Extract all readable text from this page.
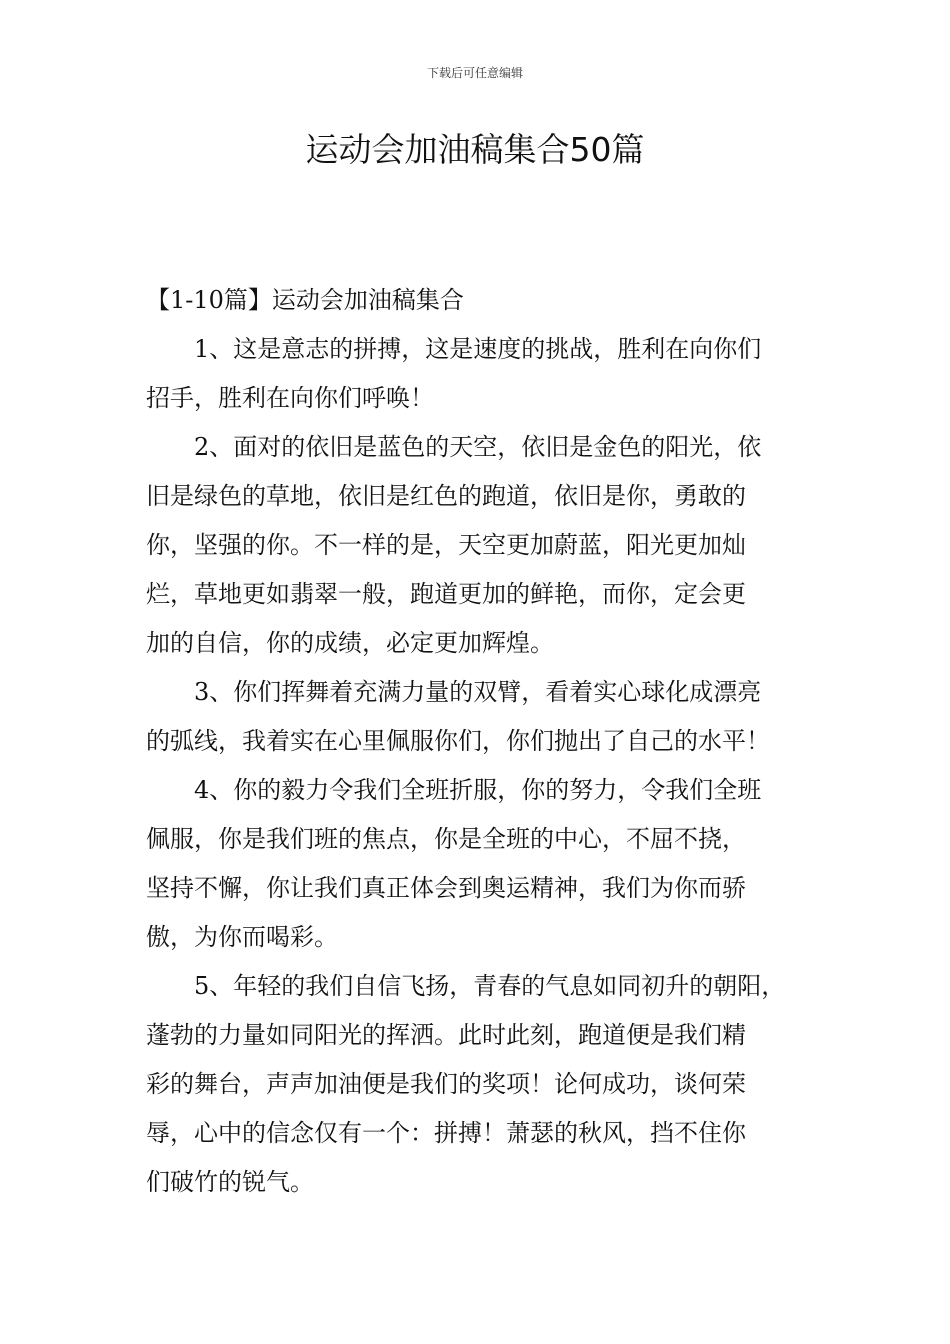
下载后可任意编辑
运动会加油稿集合50篇
【1-10篇】运动会加油稿集合
1、这是意志的拼搏，这是速度的挑战，胜利在向你们
招手，胜利在向你们呼唤！
2、面对的依旧是蓝色的天空，依旧是金色的阳光，依
旧是绿色的草地，依旧是红色的跑道，依旧是你，勇敢的
你，坚强的你。不一样的是，天空更加蔚蓝，阳光更加灿
烂，草地更如翡翠一般，跑道更加的鲜艳，而你，定会更
加的自信，你的成绩，必定更加辉煌。
3、你们挥舞着充满力量的双臂，看着实心球化成漂亮
的弧线，我着实在心里佩服你们，你们抛出了自己的水平！
4、你的毅力令我们全班折服，你的努力，令我们全班
佩服，你是我们班的焦点，你是全班的中心，不屈不挠，
坚持不懈，你让我们真正体会到奥运精神，我们为你而骄
傲，为你而喝彩。
5、年轻的我们自信飞扬，青春的气息如同初升的朝阳，
蓬勃的力量如同阳光的挥洒。此时此刻，跑道便是我们精
彩的舞台，声声加油便是我们的奖项！论何成功，谈何荣
辱，心中的信念仅有一个：拼搏！萧瑟的秋风，挡不住你
们破竹的锐气。
